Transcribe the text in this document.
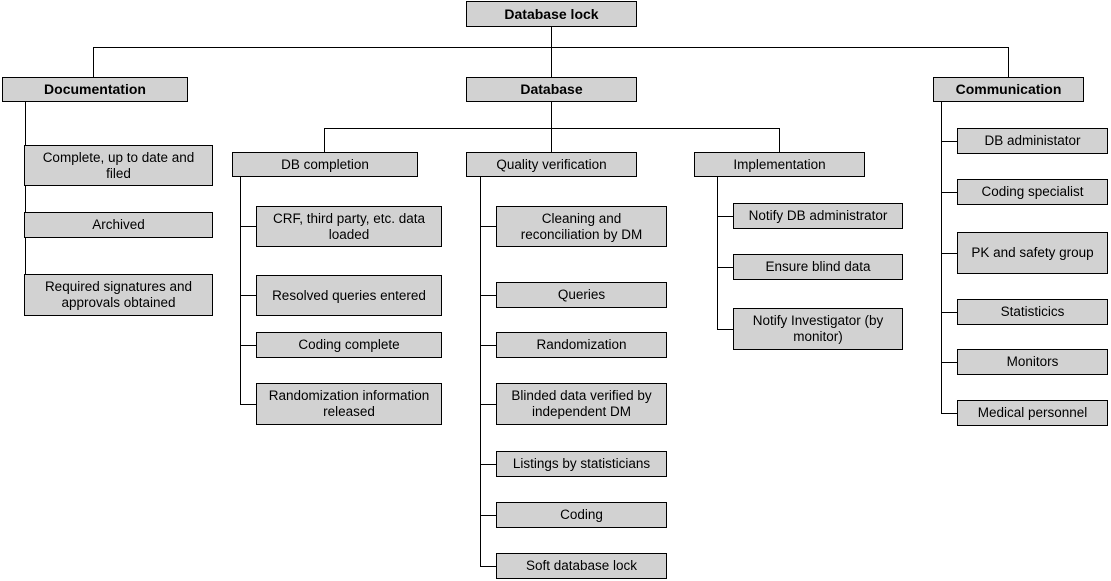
Database lock
Documentation	Database	Communication
Complete, up to date and filed
Archived
Required signatures and approvals obtained
DB completion	Quality verification	Implementation
CRF, third party, etc. data loaded
Resolved queries entered
Coding complete
Randomization information released
Cleaning and reconciliation by DM
Queries
Randomization
Blinded data verified by independent DM
Listings by statisticians
Coding
Soft database lock
Notify DB administrator
Ensure blind data
Notify Investigator (by monitor)
DB administator
Coding specialist
PK and safety group
Statisticics
Monitors
Medical personnel
